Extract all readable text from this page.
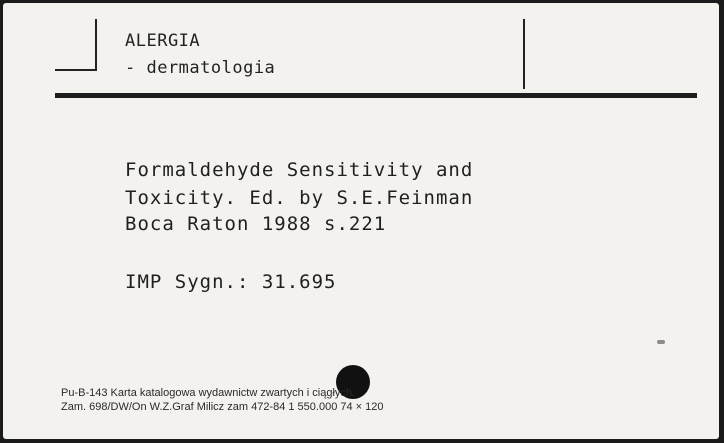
ALERGIA
- dermatologia
Formaldehyde Sensitivity and
Toxicity. Ed. by S.E.Feinman
Boca Raton 1988 s.221
IMP Sygn.: 31.695
Pu-B-143 Karta katalogowa wydawnictw zwartych i ciągłych.
Zam. 698/DW/On W.Z.Graf Milicz zam 472-84 1 550.000 74 × 120
